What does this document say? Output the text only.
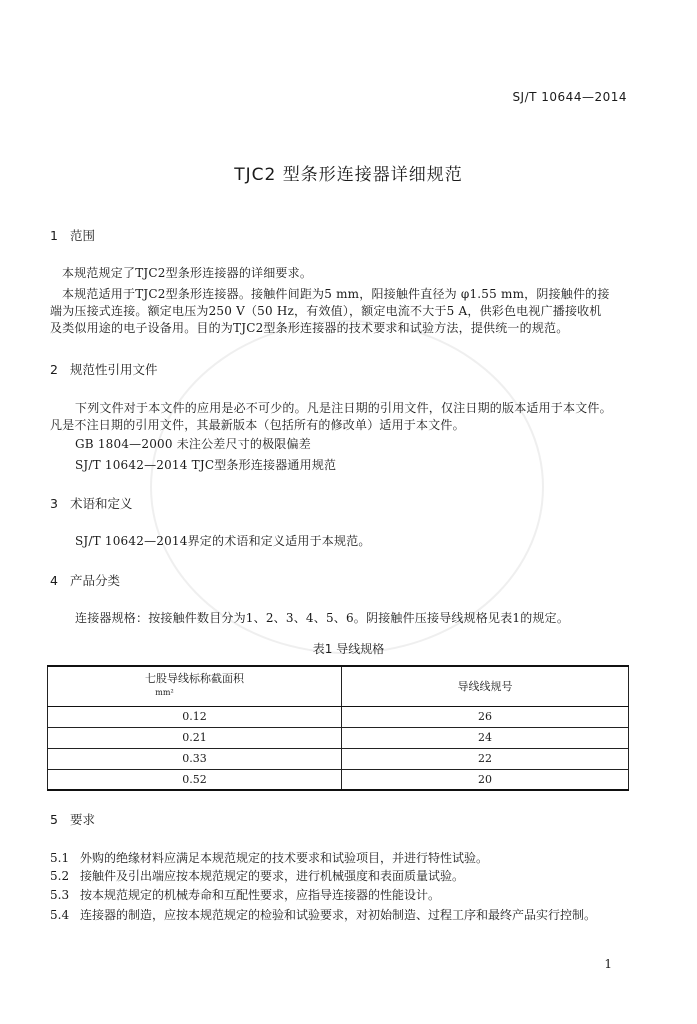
SJ/T 10644—2014
TJC2 型条形连接器详细规范
1 范围
本规范规定了TJC2型条形连接器的详细要求。
本规范适用于TJC2型条形连接器。接触件间距为5 mm，阳接触件直径为 φ1.55 mm，阴接触件的接
端为压接式连接。额定电压为250 V（50 Hz，有效值），额定电流不大于5 A，供彩色电视广播接收机
及类似用途的电子设备用。目的为TJC2型条形连接器的技术要求和试验方法，提供统一的规范。
2 规范性引用文件
下列文件对于本文件的应用是必不可少的。凡是注日期的引用文件，仅注日期的版本适用于本文件。
凡是不注日期的引用文件，其最新版本（包括所有的修改单）适用于本文件。
GB 1804—2000 未注公差尺寸的极限偏差
SJ/T 10642—2014 TJC型条形连接器通用规范
3 术语和定义
SJ/T 10642—2014界定的术语和定义适用于本规范。
4 产品分类
连接器规格：按接触件数目分为1、2、3、4、5、6。阴接触件压接导线规格见表1的规定。
表1 导线规格
七股导线标称截面积
mm²	导线线规号
0.12	26
0.21	24
0.33	22
0.52	20
5 要求
5.1 外购的绝缘材料应满足本规范规定的技术要求和试验项目，并进行特性试验。
5.2 接触件及引出端应按本规范规定的要求，进行机械强度和表面质量试验。
5.3 按本规范规定的机械寿命和互配性要求，应指导连接器的性能设计。
5.4 连接器的制造，应按本规范规定的检验和试验要求，对初始制造、过程工序和最终产品实行控制。
1
